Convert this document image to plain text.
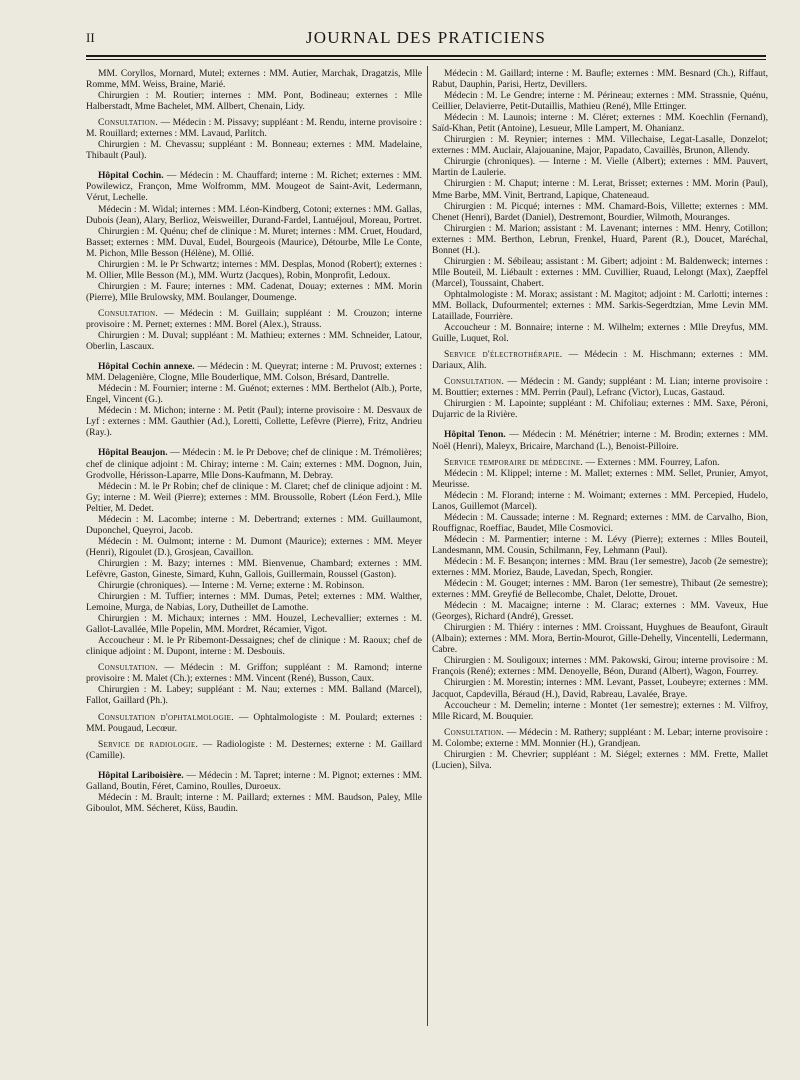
II	JOURNAL DES PRATICIENS

MM. Coryllos, Mornard, Mutel; externes : MM. Autier, Marchak, Dragatzis, Mlle Romme, MM. Weiss, Braine, Marié.

Chirurgien : M. Routier; internes : MM. Pont, Bodineau; externes : Mlle Halberstadt, Mme Bachelet, MM. Allbert, Chenain, Lidy.

Consultation. — Médecin : M. Pissavy; suppléant : M. Rendu, interne provisoire : M. Rouillard; externes : MM. Lavaud, Parlitch.

Chirurgien : M. Chevassu; suppléant : M. Bonneau; externes : MM. Madelaine, Thibault (Paul).

Hôpital Cochin. — Médecin : M. Chauffard; interne : M. Richet; externes : MM. Powilewicz, Françon, Mme Wolfromm, MM. Mougeot de Saint-Avit, Ledermann, Vérut, Lechelle.

Médecin : M. Widal; internes : MM. Léon-Kindberg, Cotoni; externes : MM. Gallas, Dubois (Jean), Alary, Berlioz, Weisweiller, Durand-Fardel, Lantuéjoul, Moreau, Portret.

Chirurgien : M. Quénu; chef de clinique : M. Muret; internes : MM. Cruet, Houdard, Basset; externes : MM. Duval, Eudel, Bourgeois (Maurice), Détourbe, Mlle Le Conte, M. Pichon, Mlle Besson (Hélène), M. Ollié.

Chirurgien : M. le Pr Schwartz; internes : MM. Desplas, Monod (Robert); externes : M. Ollier, Mlle Besson (M.), MM. Wurtz (Jacques), Robin, Monprofit, Ledoux.

Chirurgien : M. Faure; internes : MM. Cadenat, Douay; externes : MM. Morin (Pierre), Mlle Brulowsky, MM. Boulanger, Doumenge.

Consultation. — Médecin : M. Guillain; suppléant : M. Crouzon; interne provisoire : M. Pernet; externes : MM. Borel (Alex.), Strauss.

Chirurgien : M. Duval; suppléant : M. Mathieu; externes : MM. Schneider, Latour, Oberlin, Lascaux.

Hôpital Cochin annexe. — Médecin : M. Queyrat; interne : M. Pruvost; externes : MM. Delagenière, Clogne, Mlle Bouderlique, MM. Colson, Brésard, Dantrelle.

Médecin : M. Fournier; interne : M. Guénot; externes : MM. Berthelot (Alb.), Porte, Engel, Vincent (G.).

Médecin : M. Michon; interne : M. Petit (Paul); interne provisoire : M. Desvaux de Lyf : externes : MM. Gauthier (Ad.), Loretti, Collette, Lefèvre (Pierre), Fritz, Andrieu (Ray.).

Hôpital Beaujon. — Médecin : M. le Pr Debove; chef de clinique : M. Trémolières; chef de clinique adjoint : M. Chiray; interne : M. Cain; externes : MM. Dognon, Juin, Grodvolle, Hérisson-Laparre, Mlle Dons-Kaufmann, M. Debray.

Médecin : M. le Pr Robin; chef de clinique : M. Claret; chef de clinique adjoint : M. Gy; interne : M. Weil (Pierre); externes : MM. Broussolle, Robert (Léon Ferd.), Mlle Peltier, M. Dedet.

Médecin : M. Lacombe; interne : M. Debertrand; externes : MM. Guillaumont, Duponchel, Queyroi, Jacob.

Médecin : M. Oulmont; interne : M. Dumont (Maurice); externes : MM. Meyer (Henri), Rigoulet (D.), Grosjean, Cavaillon.

Chirurgien : M. Bazy; internes : MM. Bienvenue, Chambard; externes : MM. Lefèvre, Gaston, Gineste, Simard, Kuhn, Gallois, Guillermain, Roussel (Gaston).

Chirurgie (chroniques). — Interne : M. Verne; externe : M. Robinson.

Chirurgien : M. Tuffier; internes : MM. Dumas, Petel; externes : MM. Walther, Lemoine, Murga, de Nabias, Lory, Dutheillet de Lamothe.

Chirurgien : M. Michaux; internes : MM. Houzel, Lechevallier; externes : M. Gallot-Lavallée, Mlle Popelin, MM. Mordret, Récamier, Vigot.

Accoucheur : M. le Pr Ribemont-Dessaignes; chef de clinique : M. Raoux; chef de clinique adjoint : M. Dupont, interne : M. Desbouis.

Consultation. — Médecin : M. Griffon; suppléant : M. Ramond; interne provisoire : M. Malet (Ch.); externes : MM. Vincent (René), Busson, Caux.

Chirurgien : M. Labey; suppléant : M. Nau; externes : MM. Balland (Marcel), Fallot, Gaillard (Ph.).

Consultation d'ophtalmologie. — Ophtalmologiste : M. Poulard; externes : MM. Pougaud, Lecœur.

Service de radiologie. — Radiologiste : M. Desternes; externe : M. Gaillard (Camille).

Hôpital Lariboisière. — Médecin : M. Tapret; interne : M. Pignot; externes : MM. Galland, Boutin, Féret, Camino, Roulles, Duroeux.

Médecin : M. Brault; interne : M. Paillard; externes : MM. Baudson, Paley, Mlle Giboulot, MM. Sécheret, Küss, Baudin.

Médecin : M. Gaillard; interne : M. Baufle; externes : MM. Besnard (Ch.), Riffaut, Rabut, Dauphin, Parisi, Hertz, Devillers.

Médecin : M. Le Gendre; interne : M. Périneau; externes : MM. Strassnie, Quénu, Ceillier, Delavierre, Petit-Dutaillis, Mathieu (René), Mlle Ettinger.

Médecin : M. Launois; interne : M. Cléret; externes : MM. Koechlin (Fernand), Saïd-Khan, Petit (Antoine), Lesueur, Mlle Lampert, M. Ohanianz.

Chirurgien : M. Reynier; internes : MM. Villechaise, Legat-Lasalle, Donzelot; externes : MM. Auclair, Alajouanine, Major, Papadato, Cavaillès, Brunon, Allendy.

Chirurgie (chroniques). — Interne : M. Vielle (Albert); externes : MM. Pauvert, Martin de Laulerie.

Chirurgien : M. Chaput; interne : M. Lerat, Brisset; externes : MM. Morin (Paul), Mme Barbe, MM. Vinit, Bertrand, Lapique, Chateneaud.

Chirurgien : M. Picqué; internes : MM. Chamard-Bois, Villette; externes : MM. Chenet (Henri), Bardet (Daniel), Destremont, Bourdier, Wilmoth, Mouranges.

Chirurgien : M. Marion; assistant : M. Lavenant; internes : MM. Henry, Cotillon; externes : MM. Berthon, Lebrun, Frenkel, Huard, Parent (R.), Doucet, Maréchal, Bonnet (H.).

Chirurgien : M. Sébileau; assistant : M. Gibert; adjoint : M. Baldenweck; internes : Mlle Bouteil, M. Liébault : externes : MM. Cuvillier, Ruaud, Lelongt (Max), Zaepffel (Marcel), Toussaint, Chabert.

Ophtalmologiste : M. Morax; assistant : M. Magitot; adjoint : M. Carlotti; internes : MM. Bollack, Dufourmentel; externes : MM. Sarkis-Segerdtzian, Mme Levin MM. Lataillade, Fourrière.

Accoucheur : M. Bonnaire; interne : M. Wilhelm; externes : Mlle Dreyfus, MM. Guille, Luquet, Rol.

Service d'électrothérapie. — Médecin : M. Hischmann; externes : MM. Dariaux, Alih.

Consultation. — Médecin : M. Gandy; suppléant : M. Lian; interne provisoire : M. Bouttier; externes : MM. Perrin (Paul), Lefranc (Victor), Lucas, Gastaud.

Chirurgien : M. Lapointe; suppléant : M. Chifoliau; externes : MM. Saxe, Péroni, Dujarric de la Rivière.

Hôpital Tenon. — Médecin : M. Ménétrier; interne : M. Brodin; externes : MM. Noël (Henri), Maleyx, Bricaire, Marchand (L.), Benoist-Pilloire.

Service temporaire de médecine. — Externes : MM. Fourrey, Lafon.

Médecin : M. Klippel; interne : M. Mallet; externes : MM. Sellet, Prunier, Amyot, Meurisse.

Médecin : M. Florand; interne : M. Woimant; externes : MM. Percepied, Hudelo, Lanos, Guillemot (Marcel).

Médecin : M. Caussade; interne : M. Regnard; externes : MM. de Carvalho, Bion, Rouffignac, Roeffiac, Baudet, Mlle Cosmovici.

Médecin : M. Parmentier; interne : M. Lévy (Pierre); externes : Mlles Bouteil, Landesmann, MM. Cousin, Schilmann, Fey, Lehmann (Paul).

Médecin : M. F. Besançon; internes : MM. Brau (1er semestre), Jacob (2e semestre); externes : MM. Moriez, Baude, Lavedan, Spech, Rongier.

Médecin : M. Gouget; internes : MM. Baron (1er semestre), Thibaut (2e semestre); externes : MM. Greyfié de Bellecombe, Chalet, Delotte, Drouet.

Médecin : M. Macaigne; interne : M. Clarac; externes : MM. Vaveux, Hue (Georges), Richard (André), Gresset.

Chirurgien : M. Thiéry : internes : MM. Croissant, Huyghues de Beaufont, Girault (Albain); externes : MM. Mora, Bertin-Mourot, Gille-Dehelly, Vincentelli, Ledermann, Cabre.

Chirurgien : M. Souligoux; internes : MM. Pakowski, Girou; interne provisoire : M. François (René); externes : MM. Denoyelle, Béon, Durand (Albert), Wagon, Fourrey.

Chirurgien : M. Morestin; internes : MM. Levant, Passet, Loubeyre; externes : MM. Jacquot, Capdevilla, Béraud (H.), David, Rabreau, Lavalée, Braye.

Accoucheur : M. Demelin; interne : Montet (1er semestre); externes : M. Vilfroy, Mlle Ricard, M. Bouquier.

Consultation. — Médecin : M. Rathery; suppléant : M. Lebar; interne provisoire : M. Colombe; externe : MM. Monnier (H.), Grandjean.

Chirurgien : M. Chevrier; suppléant : M. Siégel; externes : MM. Frette, Mallet (Lucien), Silva.
